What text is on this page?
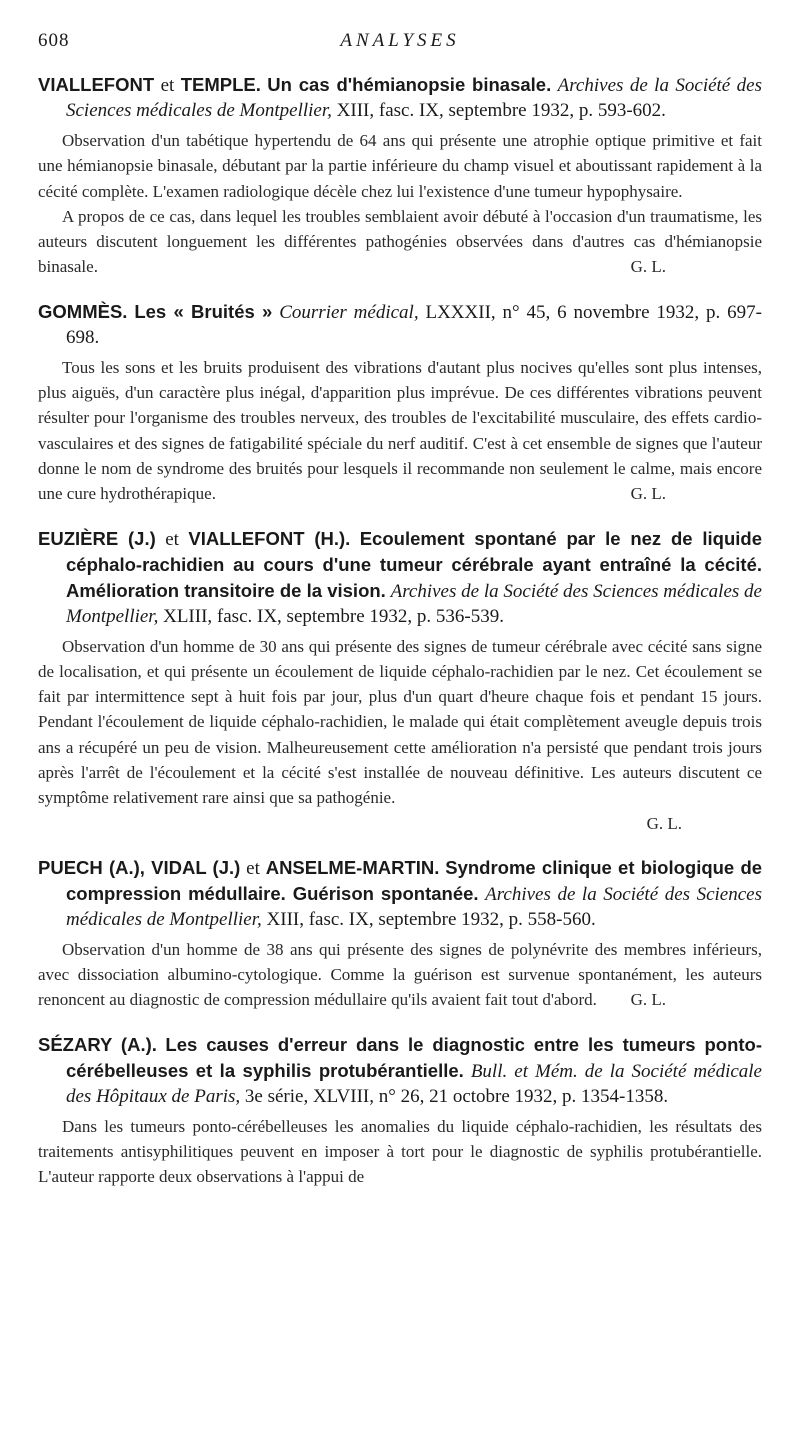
608	ANALYSES

VIALLEFONT et TEMPLE. Un cas d'hémianopsie binasale. Archives de la Société des Sciences médicales de Montpellier, XIII, fasc. IX, septembre 1932, p. 593-602.

Observation d'un tabétique hypertendu de 64 ans qui présente une atrophie optique primitive et fait une hémianopsie binasale, débutant par la partie inférieure du champ visuel et aboutissant rapidement à la cécité complète. L'examen radiologique décèle chez lui l'existence d'une tumeur hypophysaire.

A propos de ce cas, dans lequel les troubles semblaient avoir débuté à l'occasion d'un traumatisme, les auteurs discutent longuement les différentes pathogénies observées dans d'autres cas d'hémianopsie binasale.	G. L.

GOMMÈS. Les « Bruités » Courrier médical, LXXXII, n° 45, 6 novembre 1932, p. 697-698.

Tous les sons et les bruits produisent des vibrations d'autant plus nocives qu'elles sont plus intenses, plus aiguës, d'un caractère plus inégal, d'apparition plus imprévue. De ces différentes vibrations peuvent résulter pour l'organisme des troubles nerveux, des troubles de l'excitabilité musculaire, des effets cardio-vasculaires et des signes de fatigabilité spéciale du nerf auditif. C'est à cet ensemble de signes que l'auteur donne le nom de syndrome des bruités pour lesquels il recommande non seulement le calme, mais encore une cure hydrothérapique.	G. L.

EUZIÈRE (J.) et VIALLEFONT (H.). Ecoulement spontané par le nez de liquide céphalo-rachidien au cours d'une tumeur cérébrale ayant entraîné la cécité. Amélioration transitoire de la vision. Archives de la Société des Sciences médicales de Montpellier, XLIII, fasc. IX, septembre 1932, p. 536-539.

Observation d'un homme de 30 ans qui présente des signes de tumeur cérébrale avec cécité sans signe de localisation, et qui présente un écoulement de liquide céphalo-rachidien par le nez. Cet écoulement se fait par intermittence sept à huit fois par jour, plus d'un quart d'heure chaque fois et pendant 15 jours. Pendant l'écoulement de liquide céphalo-rachidien, le malade qui était complètement aveugle depuis trois ans a récupéré un peu de vision. Malheureusement cette amélioration n'a persisté que pendant trois jours après l'arrêt de l'écoulement et la cécité s'est installée de nouveau définitive. Les auteurs discutent ce symptôme relativement rare ainsi que sa pathogénie.

G. L.

PUECH (A.), VIDAL (J.) et ANSELME-MARTIN. Syndrome clinique et biologique de compression médullaire. Guérison spontanée. Archives de la Société des Sciences médicales de Montpellier, XIII, fasc. IX, septembre 1932, p. 558-560.

Observation d'un homme de 38 ans qui présente des signes de polynévrite des membres inférieurs, avec dissociation albumino-cytologique. Comme la guérison est survenue spontanément, les auteurs renoncent au diagnostic de compression médullaire qu'ils avaient fait tout d'abord.	G. L.

SÉZARY (A.). Les causes d'erreur dans le diagnostic entre les tumeurs ponto-cérébelleuses et la syphilis protubérantielle. Bull. et Mém. de la Société médicale des Hôpitaux de Paris, 3e série, XLVIII, n° 26, 21 octobre 1932, p. 1354-1358.

Dans les tumeurs ponto-cérébelleuses les anomalies du liquide céphalo-rachidien, les résultats des traitements antisyphilitiques peuvent en imposer à tort pour le diagnostic de syphilis protubérantielle. L'auteur rapporte deux observations à l'appui de
